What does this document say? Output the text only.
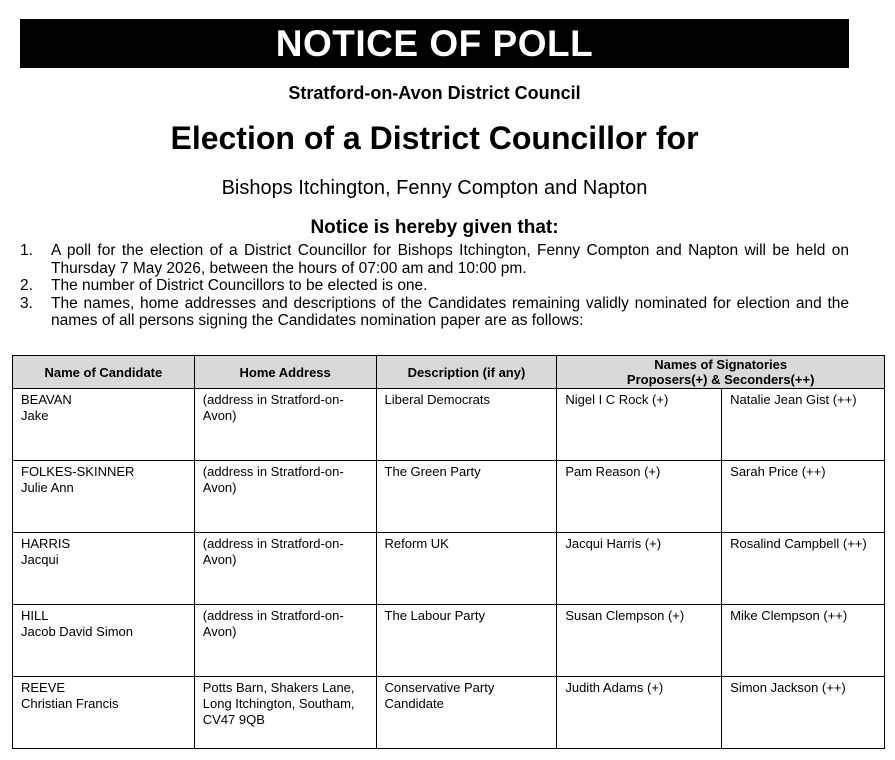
NOTICE OF POLL
Stratford-on-Avon District Council
Election of a District Councillor for
Bishops Itchington, Fenny Compton and Napton
Notice is hereby given that:
1.	A poll for the election of a District Councillor for Bishops Itchington, Fenny Compton and Napton will be held on Thursday 7 May 2026, between the hours of 07:00 am and 10:00 pm.
2.	The number of District Councillors to be elected is one.
3.	The names, home addresses and descriptions of the Candidates remaining validly nominated for election and the names of all persons signing the Candidates nomination paper are as follows:
Name of Candidate	Home Address	Description (if any)	Names of Signatories
Proposers(+) & Seconders(++)	

BEAVAN
Jake	(address in Stratford-on-Avon)	Liberal Democrats	Nigel I C Rock (+)	Natalie Jean Gist (++)

FOLKES-SKINNER
Julie Ann	(address in Stratford-on-Avon)	The Green Party	Pam Reason (+)	Sarah Price (++)

HARRIS
Jacqui	(address in Stratford-on-Avon)	Reform UK	Jacqui Harris (+)	Rosalind Campbell (++)

HILL
Jacob David Simon	(address in Stratford-on-Avon)	The Labour Party	Susan Clempson (+)	Mike Clempson (++)

REEVE
Christian Francis	Potts Barn, Shakers Lane, Long Itchington, Southam, CV47 9QB	Conservative Party Candidate	Judith Adams (+)	Simon Jackson (++)
